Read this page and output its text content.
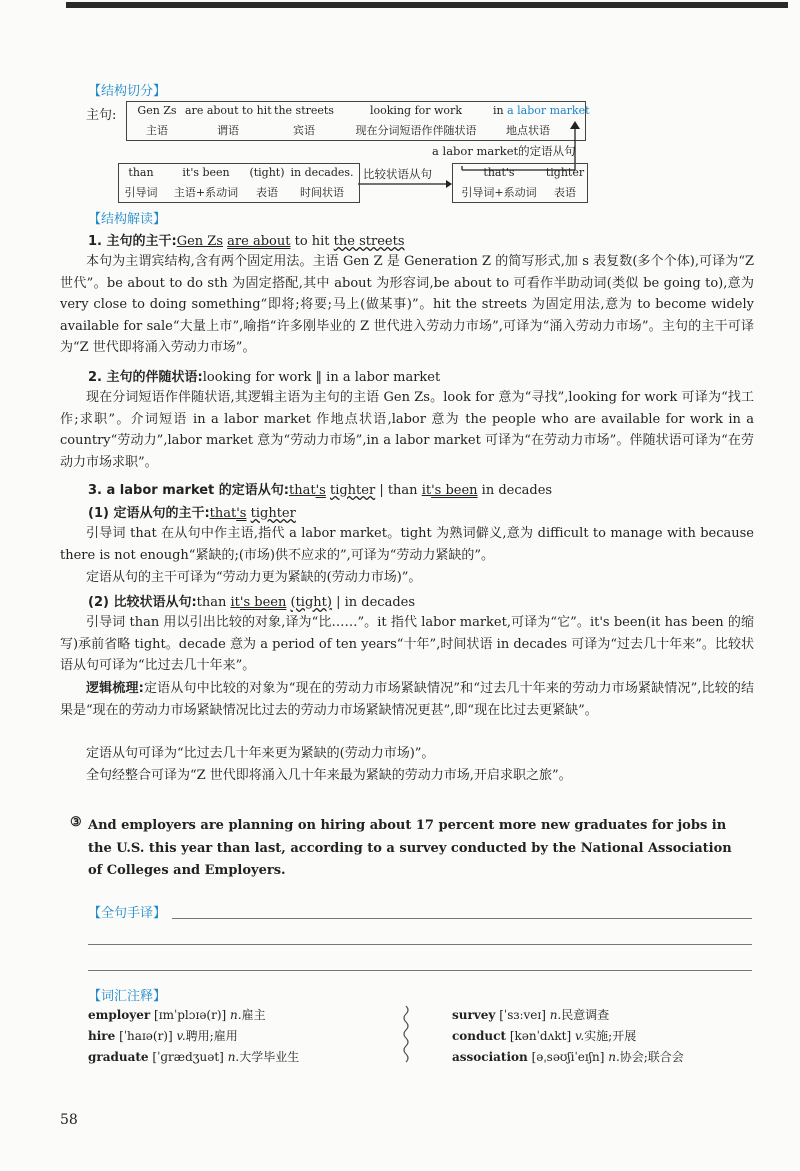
【结构切分】
主句:	Gen Zs
主语
are about to hit
谓语
the streets
宾语
looking for work
现在分词短语作伴随状语
in a labor market
地点状语
a labor market的定语从句
比较状语从句
than
引导词
it's been
主语+系动词
(tight)
表语
in decades.
时间状语
that's
引导词+系动词
tighter
表语
【结构解读】
1. 主句的主干:Gen Zs are about to hit the streets
本句为主谓宾结构,含有两个固定用法。主语 Gen Z 是 Generation Z 的简写形式,加 s 表复数(多个个体),可译为“Z 世代”。be about to do sth 为固定搭配,其中 about 为形容词,be about to 可看作半助动词(类似 be going to),意为 very close to doing something“即将;将要;马上(做某事)”。hit the streets 为固定用法,意为 to become widely available for sale“大量上市”,喻指“许多刚毕业的 Z 世代进入劳动力市场”,可译为“涌入劳动力市场”。主句的主干可译为“Z 世代即将涌入劳动力市场”。
2. 主句的伴随状语:looking for work ‖ in a labor market
现在分词短语作伴随状语,其逻辑主语为主句的主语 Gen Zs。look for 意为“寻找”,looking for work 可译为“找工作;求职”。介词短语 in a labor market 作地点状语,labor 意为 the people who are available for work in a country“劳动力”,labor market 意为“劳动力市场”,in a labor market 可译为“在劳动力市场”。伴随状语可译为“在劳动力市场求职”。
3. a labor market 的定语从句:that's tighter | than it's been in decades
(1) 定语从句的主干:that's tighter
引导词 that 在从句中作主语,指代 a labor market。tight 为熟词僻义,意为 difficult to manage with because there is not enough“紧缺的;(市场)供不应求的”,可译为“劳动力紧缺的”。
定语从句的主干可译为“劳动力更为紧缺的(劳动力市场)”。
(2) 比较状语从句:than it's been (tight) | in decades
引导词 than 用以引出比较的对象,译为“比……”。it 指代 labor market,可译为“它”。it's been(it has been 的缩写)承前省略 tight。decade 意为 a period of ten years“十年”,时间状语 in decades 可译为“过去几十年来”。比较状语从句可译为“比过去几十年来”。
逻辑梳理:定语从句中比较的对象为“现在的劳动力市场紧缺情况”和“过去几十年来的劳动力市场紧缺情况”,比较的结果是“现在的劳动力市场紧缺情况比过去的劳动力市场紧缺情况更甚”,即“现在比过去更紧缺”。
定语从句可译为“比过去几十年来更为紧缺的(劳动力市场)”。
全句经整合可译为“Z 世代即将涌入几十年来最为紧缺的劳动力市场,开启求职之旅”。
③ And employers are planning on hiring about 17 percent more new graduates for jobs in the U.S. this year than last, according to a survey conducted by the National Association of Colleges and Employers.
【全句手译】
【词汇注释】
employer [ɪmˈplɔɪə(r)] n.雇主
hire [ˈhaɪə(r)] v.聘用;雇用
graduate [ˈɡrædʒuət] n.大学毕业生
survey [ˈsɜːveɪ] n.民意调查
conduct [kənˈdʌkt] v.实施;开展
association [əˌsəʊʃiˈeɪʃn] n.协会;联合会
58
